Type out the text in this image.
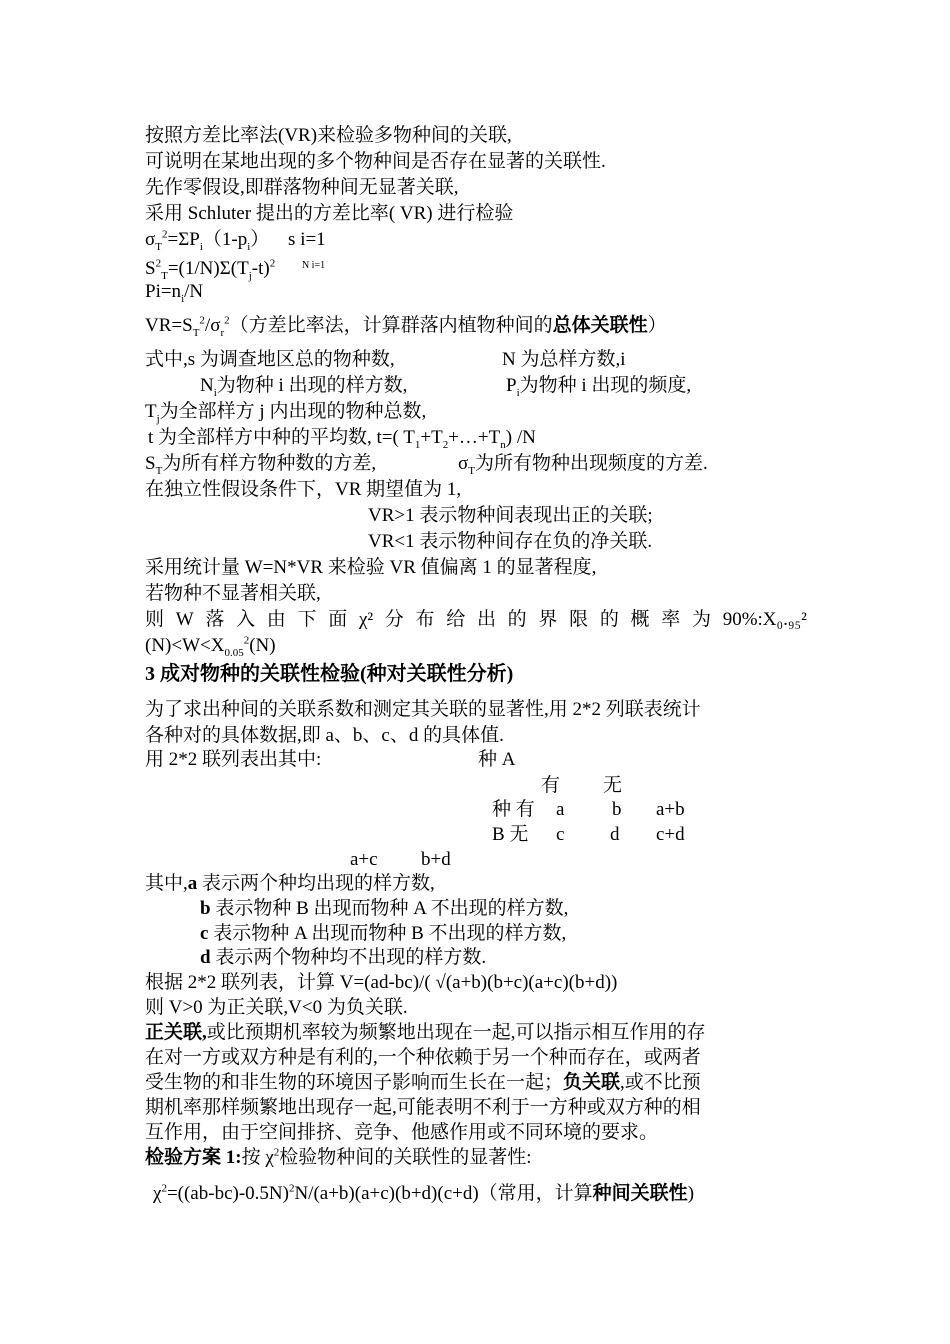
按照方差比率法(VR)来检验多物种间的关联,
可说明在某地出现的多个物种间是否存在显著的关联性.
先作零假设,即群落物种间无显著关联,
采用 Schluter 提出的方差比率( VR) 进行检验
$\sigma_T^2=\Sigma P_i(1-p_i)$ s i=1
$S^2_T=(1/N)\Sigma(T_j-t)^2$	$^{N i=1}$
$Pi=n_i/N$
$VR=S_T^2/\sigma_r^2$（方差比率法，计算群落内植物种间的总体关联性）
式中,s 为调查地区总的物种数,	N 为总样方数,i
$N_i$为物种 i 出现的样方数,	$P_i$为物种 i 出现的频度,
$T_j$为全部样方 j 内出现的物种总数,
t 为全部样方中种的平均数, t=( $T_1+T_2+\dots+T_n$) /N
$S_T$为所有样方物种数的方差,	$\sigma_T$为所有物种出现频度的方差.
在独立性假设条件下，VR 期望值为 1,
VR>1 表示物种间表现出正的关联;
VR<1 表示物种间存在负的净关联.
采用统计量 W=N*VR 来检验 VR 值偏离 1 的显著程度,
若物种不显著相关联,
则 W 落 入 由 下 面 χ² 分 布 给 出 的 界 限 的 概 率 为 90%:X₀.₉₅²
$(N)<W<X_{0.05}^2(N)$
3 成对物种的关联性检验(种对关联性分析)
为了求出种间的关联系数和测定其关联的显著性,用 2*2 列联表统计
各种对的具体数据,即 a、b、c、d 的具体值.
用 2*2 联列表出其中:	种 A
有 无
种 有 a	b a+b
B 无 c d c+d
a+c b+d
其中,a 表示两个种均出现的样方数,
b 表示物种 B 出现而物种 A 不出现的样方数,
c 表示物种 A 出现而物种 B 不出现的样方数,
d 表示两个物种均不出现的样方数.
根据 2*2 联列表，计算 V=(ad-bc)/( √(a+b)(b+c)(a+c)(b+d))
则 V>0 为正关联,V<0 为负关联.
正关联,或比预期机率较为频繁地出现在一起,可以指示相互作用的存
在对一方或双方种是有利的,一个种依赖于另一个种而存在，或两者
受生物的和非生物的环境因子影响而生长在一起；负关联,或不比预
期机率那样频繁地出现存一起,可能表明不利于一方种或双方种的相
互作用，由于空间排挤、竞争、他感作用或不同环境的要求。
检验方案 1:按 $\chi^2$检验物种间的关联性的显著性:
$\chi^2=((ab-bc)-0.5N)^2N/(a+b)(a+c)(b+d)(c+d)$（常用，计算种间关联性)
